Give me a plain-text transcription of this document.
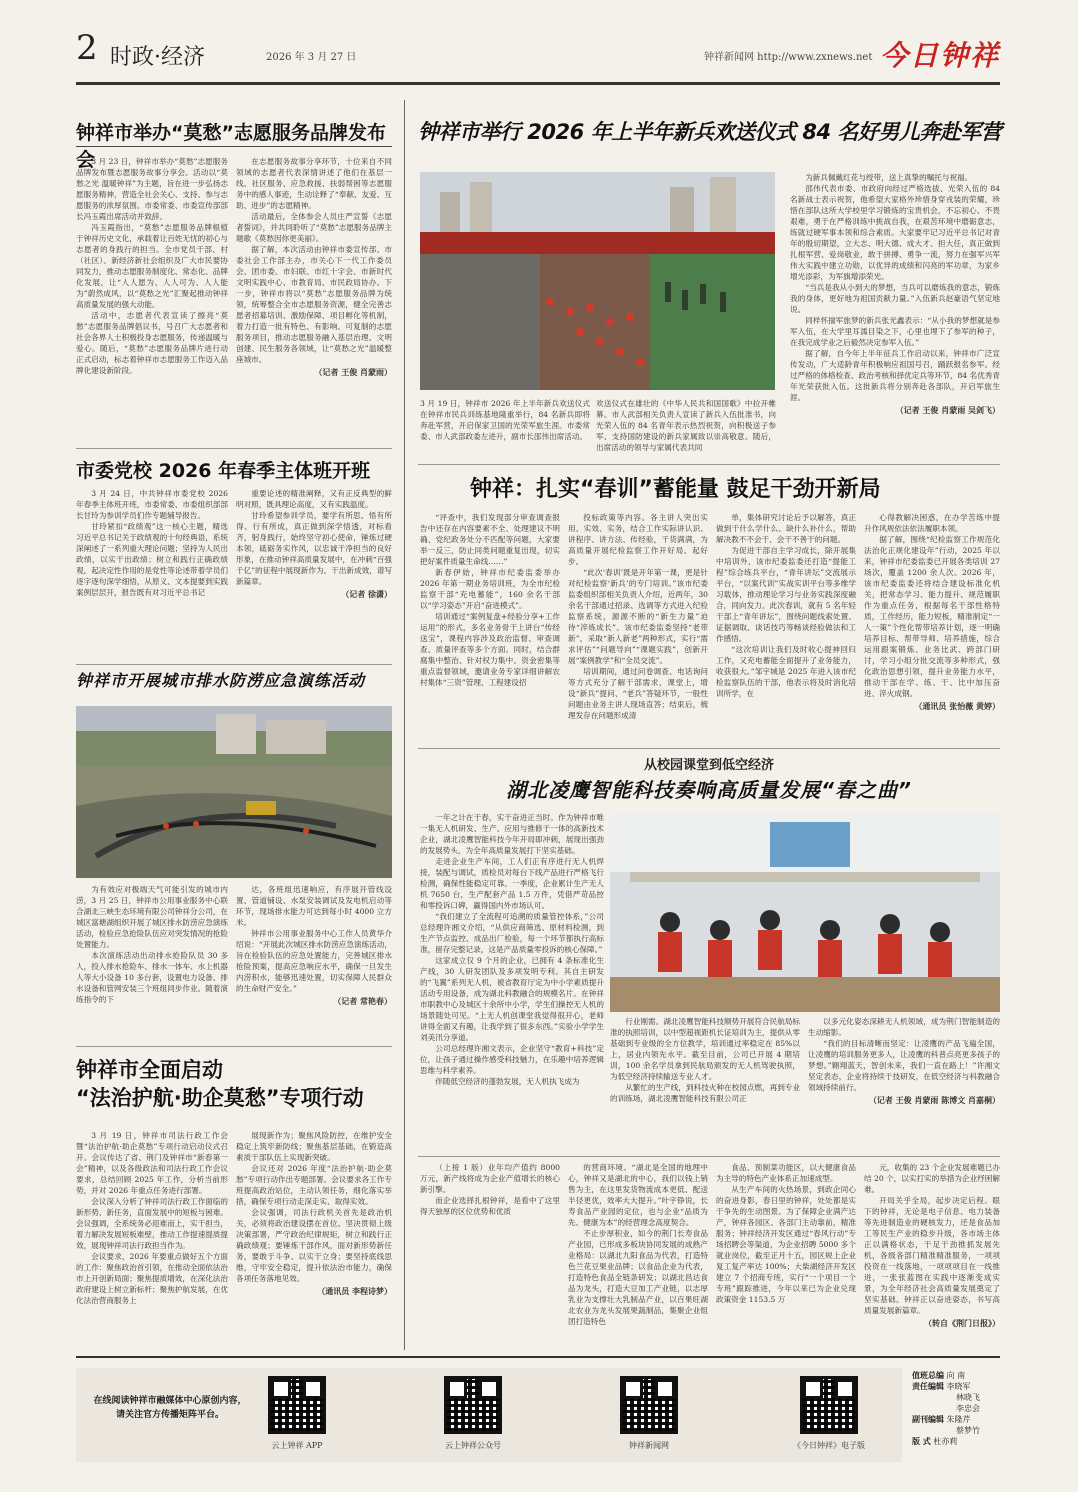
2 时政·经济	2026 年 3 月 27 日	钟祥新闻网 http://www.zxnews.net 今日钟祥
钟祥市举办“莫愁”志愿服务品牌发布会

3 月 23 日，钟祥市举办“莫愁”志愿服务品牌发布暨志愿服务故事分享会。活动以“莫愁之光 温暖钟祥”为主题，旨在进一步弘扬志愿服务精神，营造全社会关心、支持、参与志愿服务的浓厚氛围。市委常委、市委宣传部部长冯玉霞出席活动并致辞。

冯玉霞指出，“莫愁”志愿服务品牌根植于钟祥历史文化，承载着让百姓无忧的初心与志愿者的身践行的担当。全市党员干部、村（社区）、新经济新社会组织及广大市民要协同发力，推动志愿服务制度化、常态化、品牌化发展，让“人人愿为、人人可为、人人能为”蔚然成风，以“莫愁之光”汇聚起推动钟祥高质量发展的强大动能。

活动中，志愿者代表宣读了擦亮“莫愁”志愿服务品牌倡议书，号召广大志愿者和社会各界人士积极投身志愿服务，传递温暖与爱心。随后，“莫愁”志愿服务品牌片进行动正式启动，标志着钟祥市志愿服务工作迈入品牌化建设新阶段。

在志愿服务故事分享环节，十位来自不同领域的志愿者代表深情讲述了他们在基层一线、社区服务、应急救援、扶弱帮困等志愿服务中的感人事迹，生动诠释了“奉献、友爱、互助、进步”的志愿精神。

活动最后，全体参会人员庄严宣誓《志愿者誓词》，并共同聆听了“莫愁”志愿服务品牌主题歌《莫愁因你更美丽》。

据了解，本次活动由钟祥市委宣传部、市委社会工作部主办，市关心下一代工作委员会、团市委、市妇联、市红十字会、市新时代文明实践中心、市教育局、市民政局协办。下一步，钟祥市将以“莫愁”志愿服务品牌为统领，统筹整合全市志愿服务资源，健全完善志愿者招募培训、激励保障、项目孵化等机制，着力打造一批有特色、有影响、可复制的志愿服务项目，推动志愿服务融入基层治理、文明创建、民生服务各领域，让“莫愁之光”温暖整座城市。

（记者 王俊 肖蒙雨）
市委党校 2026 年春季主体班开班

3 月 24 日，中共钟祥市委党校 2026 年春季主体班开班，市委常委、市委组织部部长甘玲为参训学员们作专题辅导报告。

甘玲紧扣“政绩观”这一核心主题，精选习近平总书记关于政绩观的十句经典语，系统深阐述了一系列重大理论问题；坚持为人民出政绩，以实干出政绩；树立和践行正确政绩观，起决定性作用的是党性等论述带着学员们逐字逐句深学细悟，从原义、文本提要到实践案例层层开，报告既有对习近平总书记

重要论述的精准阐释，又有正反典型的鲜明对照，既具理论高度，又有实践温度。

甘玲希望参训学员，要学有所思、悟有所得、行有所成，真正做到深学悟透，对标看齐，躬身践行，始终坚守初心使命，锤炼过硬本领，砥砺务实作风，以忠诚干净担当的良好形象，在推动钟祥高质量发展中，在冲刺“百强千亿”的征程中展现新作为、干出新成效，谱写新篇章。

（记者 徐潇）
钟祥市开展城市排水防涝应急演练活动

为有效应对极端天气可能引发的城市内涝，3 月 25 日，钟祥市公用事业服务中心联合湖北三峡生态环境有限公司钟祥分公司，在城区富塘湖组织开展了城区排水防涝应急演练活动，检验应急抢险队伍应对突发情况的抢险处置能力。

本次演练活动出动排水抢险队员 30 多人，投入排水抢险车、排水一体车、水上机器人等大小设备 10 多台套，设置电力设备、排水设备和管网安装三个班组同步作业。随着演练指令的下

达，各班组迅速响应，有序展开管线设置、管道铺设、水泵安装调试及发电机启动等环节，现场排水能力可达到每小时 4000 立方米。

钟祥市公用事业服务中心工作人员黄华介绍说：“开展此次城区排水防涝应急演练活动，旨在检验队伍的应急处置能力，完善城区排水抢险预案，提高应急响应水平，确保一旦发生内涝积水，能够迅速处置，切实保障人民群众的生命财产安全。”

（记者 常艳春）
钟祥市全面启动
“法治护航·助企莫愁”专项行动

3 月 19 日，钟祥市司法行政工作会暨“法治护航·助企莫愁”专项行动启动仪式召开。会议传达了省、荆门及钟祥市“新春第一会”精神，以及各级政法和司法行政工作会议要求，总结回顾 2025 年工作，分析当前形势，并对 2026 年重点任务进行部署。

会议深入分析了钟祥司法行政工作面临的新形势、新任务，直面发展中的短板与困难。会议强调，全系统务必迎难而上，实干担当，着力解决发展短板难壁，推动工作提速提质提效，展现钟祥司法行政担当作为。

会议要求，2026 年要重点做好五个方面的工作：聚焦政治首引领，在推动全面依法治市上开创新局面；聚焦提质增效，在深化法治政府建设上树立新标杆；聚焦护航发展，在优化法治营商服务上

展现新作为；聚焦风险防控，在维护安全稳定上筑牢新防线；聚焦基层基础，在锻造高素质干部队伍上实现新突破。

会议还对 2026 年度“法治护航·助企莫愁”专项行动作出专题部署。会议要求各工作专班提高政治站位，主动认领任务，细化落实举措，确保专项行动走深走实、取得实效。

会议强调，司法行政机关首先是政治机关，必须将政治建设摆在首位。坚决贯彻上级决策部署，严守政治纪律规矩，树立和践行正确政绩观；要锤炼干部作风，面对新形势新任务，要敢于斗争、以实干立身；要坚持底线思维，守牢安全稳定，提升依法治市能力，确保各项任务落地见效。

（通讯员 李程诗梦）
钟祥市举行 2026 年上半年新兵欢送仪式 84 名好男儿奔赴军营
3 月 19 日，钟祥市 2026 年上半年新兵欢送仪式在钟祥市民兵训练基地隆重举行，84 名新兵即将奔赴军营，开启保家卫国的光荣军旅生涯。市委常委、市人武部政委左进升，副市长邵伟出席活动。
欢送仪式在雄壮的《中华人民共和国国歌》中拉开帷幕。市人武部相关负责人宣读了新兵入伍批准书，向光荣入伍的 84 名青年表示热烈祝贺，向积极送子参军、支持国防建设的新兵家属致以崇高敬意。随后，出席活动的领导与家属代表共同

为新兵佩戴红花与绶带，送上真挚的嘱托与祝福。

邵伟代表市委、市政府向经过严格选拔、光荣入伍的 84 名新战士表示祝贺，他希望大家格外珍惜身穿戎装的荣耀，珍惜在部队这所大学校里学习锻炼的宝贵机会，不忘初心、不畏艰难，勇于在严格训练中挑战自我，在艰苦环境中磨砺意志，练就过硬军事本领和综合素质。大家要牢记习近平总书记对青年的殷切期望，立大志、明大德、成大才、担大任，真正做到扎根军营、爱岗敬业，敢于拼搏、勇争一流，努力在强军兴军伟大实践中建立功勋，以优异的成绩和闪亮的军功章，为家乡增光添彩，为军旗增添荣光。

“当兵是我从小到大的梦想，当兵可以磨炼我的意志，锻炼我的身体，更好地为祖国贡献力量。”入伍新兵赵豪语气坚定地说。

同样怀揣军旅梦的新兵张光鑫表示：“从小我的梦想就是参军入伍，在大学里耳濡目染之下，心里也埋下了参军的种子，在我完成学业之后毅然决定参军入伍。”

据了解，自今年上半年征兵工作启动以来，钟祥市广泛宣传发动，广大适龄青年积极响应祖国号召，踊跃报名参军。经过严格的体格检查、政治考核和择优定兵等环节，84 名优秀青年光荣获批入伍。这批新兵将分别奔赴各部队，开启军旅生涯。

（记者 王俊 肖蒙雨 吴剑飞）
钟祥：扎实“春训”蓄能量 鼓足干劲开新局

“评查中，我们发现部分审查调查报告中还存在内容要素不全、处理建议不明确、党纪政务处分不匹配等问题，大家要举一反三，防止同类问题重复出现，切实把好案件质量生命线……”

新春伊始，钟祥市纪委监委举办 2026 年第一期业务培训班，为全市纪检监察干部“充电蓄能”，160 余名干部以“学习姿态”开启“奋进模式”。

培训通过“案例复盘+经验分享+工作运用”的形式，多名业务骨干上讲台“传经送宝”，课程内容涉及政治监督、审查调查、质量评查等多个方面。同时，结合群腐集中整治、针对权力集中、资金密集等重点监督领域，邀请业务专家详细讲解农村集体“三资”管理、工程建设招

投标政策等内容。各主讲人突出实用、实效、实务，结合工作实际讲认识、讲程序、讲方法、传经验，干货满满，为高质量开展纪检监察工作开好局、起好步。

“此次‘春训’既是开年第一课，更是针对纪检监察‘新兵’的专门培训。”该市纪委监委组织部相关负责人介绍，近两年，30 余名干部通过招录、选调等方式进入纪检监察系统，源源不断的“新生力量”迫待“淬炼成长”。该市纪委监委坚持“老带新”，采取“新人新老”两种形式，实行“需求评估”“问题导向”“课题实践”，创新开展“案例教学”和“全员交流”。

培训期间，通过问卷调查、电话询问等方式充分了解干部需求，课堂上，增设“新兵”提问、“老兵”答疑环节，一般性问题由业务主讲人现场直答；结束后，梳理发存在问题形成清

单，集体研究讨论后予以解答，真正做到干什么学什么、缺什么补什么，帮助解决教不不会干、会干不善干的问题。

为促进干部自主学习成长，除开展集中培训外，该市纪委监委还打造“提能工程”综合练兵平台，“青年讲坛”交流展示平台，“以案代训”实战实训平台等多维学习载体，推动理论学习与业务实践深度融合，同向发力。此次春训，就有 5 名年轻干部上“青年讲坛”，围绕问题线索处置、证据调取、谈话技巧等畅谈经验做法和工作感悟。

“这次培训让我们及时收心提神回归工作，又充电蓄能全面提升了业务能力，收获很大。”邹宇城是 2025 年进入该市纪检监察队伍的干部，他表示将及时消化培训所学，在

心得教解决困惑，在办学苦练中提升作风规依法依法履职本领。

据了解，围绕“纪检监察工作规范化法治化正规化建设年”行动，2025 年以来，钟祥市纪委监委已开展各类培训 27 场次，覆盖 1200 余人次。2026 年，该市纪委监委还将结合建设标准化机关，把常态学习、能力提升、规范履职作为重点任务，根据每名干部性格特质，工作经历，能力短板，精准制定“一人一策”个性化帮带培养计划，逐一明确培养目标、帮带导师、培养措施，综合运用跟案锻炼、业务比武、跨部门研讨，学习小组分批交流等多种形式，强化政治思想引领，提升业务能力水平，推动干部在学、练、干、比中加压奋进、淬火成钢。

（通讯员 张怡薇 黄婷）
从校园课堂到低空经济
湖北凌鹰智能科技奏响高质量发展“春之曲”

一年之计在于春，实干奋进正当时。作为钟祥市唯一集无人机研发、生产、应用与推修于一体的高新技术企业，湖北凌鹰智能科技今年开局即冲刺，展现出强劲的发展势头，为全年高质量发展打下坚实基础。

走进企业生产车间，工人们正有序进行无人机焊接，装配与调试，质检员对每台下线产品进行严格飞行检测，确保性能稳定可靠。一季度，企业累计生产无人机 7650 台，生产配套产品 1.5 万件，凭借严苛品控和零投诉口碑，赢得国内外市场认可。

“我们建立了全流程可追溯的质量管控体系，”公司总经理许湘文介绍，“从供应商筛选、原材料检测，到生产节点监控、成品出厂检验，每一个环节都执行高标准，留存完整记录，这是产品质量零投诉的核心保障。”

这家成立仅 9 个月的企业，已拥有 4 条标准化生产线，30 人研发团队及多项发明专利。其自主研发的“飞翼”系列无人机，被省教育厅定为中小学素质提升活动专用设备，成为湖北科教融合的规模名片。在钟祥市职教中心及城区十余所中小学，学生们操控无人机的场景随处可见。“上无人机创课堂我觉得很开心，老师讲得全面又有趣，让我学到了很多东西。”实验小学学生刘美汛分享道。

公司总经理许湘文表示，企业坚守“教育+科技”定位，让孩子通过操作感受科技魅力，在乐趣中培养逻辑思维与科学素养。

伴随低空经济的蓬勃发展，无人机执飞成为

行业刚需。湖北凌鹰智能科技顺势开展符合民航局标准的执照培训，以中型超视距机长证培训为主，提供从零基础到专业级的全方位教学，培训通过率稳定在 85%以上，居业内领先水平。截至目前，公司已开展 4 期培训，100 余名学员拿到民航局颁发的无人机驾驶执照，为低空经济持续输送专业人才。

从繁忙的生产线，到科技火种在校园点燃，再到专业的训练场，湖北凌鹰智能科技有限公司正

以多元化姿态深耕无人机领域，成为荆门智能制造的生动缩影。

“我们的目标清晰而坚定：让凌鹰的产品飞遍全国，让凌鹰的培训服务更多人，让凌鹰的科普点亮更多孩子的梦想。”翱翔蓝天，智创未来，我们一直在路上！”许湘文坚定表态，企业将持续于技研发，在低空经济与科教融合领域持续前行。

（记者 王俊 肖蒙雨 陈博文 肖嘉桐）

（上接 1 版）业年均产值约 8000 万元，新产线将成为企业产值增长的核心新引擎。

而企业选择扎根钟祥，是看中了这里得天独厚的区位优势和优质

的营商环境。“湖北是全国的地理中心，钟祥又是湖北的中心，我们以钱上销售为主，在这里发货物流成本更低、配送半径更优，效率大大提升。”叶宇铮说，长寿食品产业园的定位，也与企业“品质为先、健康为本”的经营理念高度契合。

不止步厚积业，如今的荆门长寿食品产业园，已形成多板块协同发展的成熟产业格局：以湖北九阳食品为代表，打造特色兰花豆果业品牌；以食品企业为代表，打造特色食品全链条研发；以湖北昌达食品为龙头，打造大豆加工产业链，以志厚乳业为支撑壮大乳制品产业，以百果旺湖北农业为龙头发展果蔬制品，集聚企业组团打造特色

食品、预制菜功能区，以大健康食品为主导的特色产业体系正加速成型。

从生产车间的火热场景，到政企同心的奋进身影，春日里的钟祥，处处都是实干争先的生动图景。为了保障企业满产达产，钟祥各园区、各部门主动靠前，精准服务；钟祥经济开发区通过“春风行动”专场招聘会等渠道，为企业招聘 5000 多个就业岗位，截至正月十五，园区规上企业复工复产率达 100%；大柴湖经济开发区建立 7 个招商专班，实行“一个项目一个专班”跟踪推进，今年以来已为企业兑现政策资金 1153.5 万

元，收集的 23 个企业发展难题已办结 20 个，以实打实的举措为企业纾困解难。

开局关乎全局，起步决定后程。眼下的钟祥，无论是电子信息、电力装备等先进制造业的硬核发力，还是食品加工等民生产业的稳步升级，各市场主体正以满格状态，干足干劲推抓发展先机，各级各部门精准精准服务，一项项投资在一线落地，一项项项目在一线推进，一张张蓝图在实践中逐渐变成实景，为全年经济社会高质量发展奠定了坚实基础。钟祥正以奋进姿态，书写高质量发展新篇章。

（转自《荆门日报》）
在线阅读钟祥市融媒体中心原创内容，
请关注官方传播矩阵平台。
云上钟祥 APP	云上钟祥公众号	钟祥新闻网	《今日钟祥》电子版
值班总编 向 南
责任编辑 李晓军
林晓飞
李忠会
副刊编辑 朱隆芹
蔡梦竹
版 式 杜亦莉
